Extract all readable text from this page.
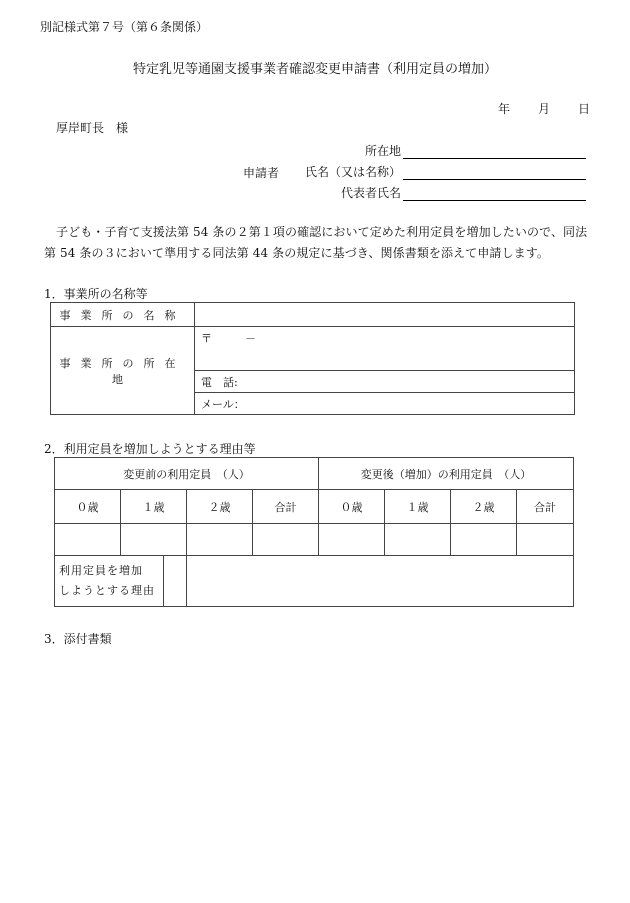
別記様式第７号（第６条関係）
特定乳児等通園支援事業者確認変更申請書（利用定員の増加）
年 月 日
厚岸町長　様
所在地
申請者 氏名（又は名称）
代表者氏名
子ども・子育て支援法第 54 条の２第１項の確認において定めた利用定員を増加したいので、同法第 54 条の３において準用する同法第 44 条の規定に基づき、関係書類を添えて申請します。
1．事業所の名称等
事業所の名称	
事業所の所在地	〒　　　－
	電　話:
	メール：
2．利用定員を増加しようとする理由等
変更前の利用定員　（人）				変更後（増加）の利用定員　（人）			
０歳	１歳	２歳	合計	０歳	１歳	２歳	合計

利用定員を増加
しようとする理由							

3．添付書類
